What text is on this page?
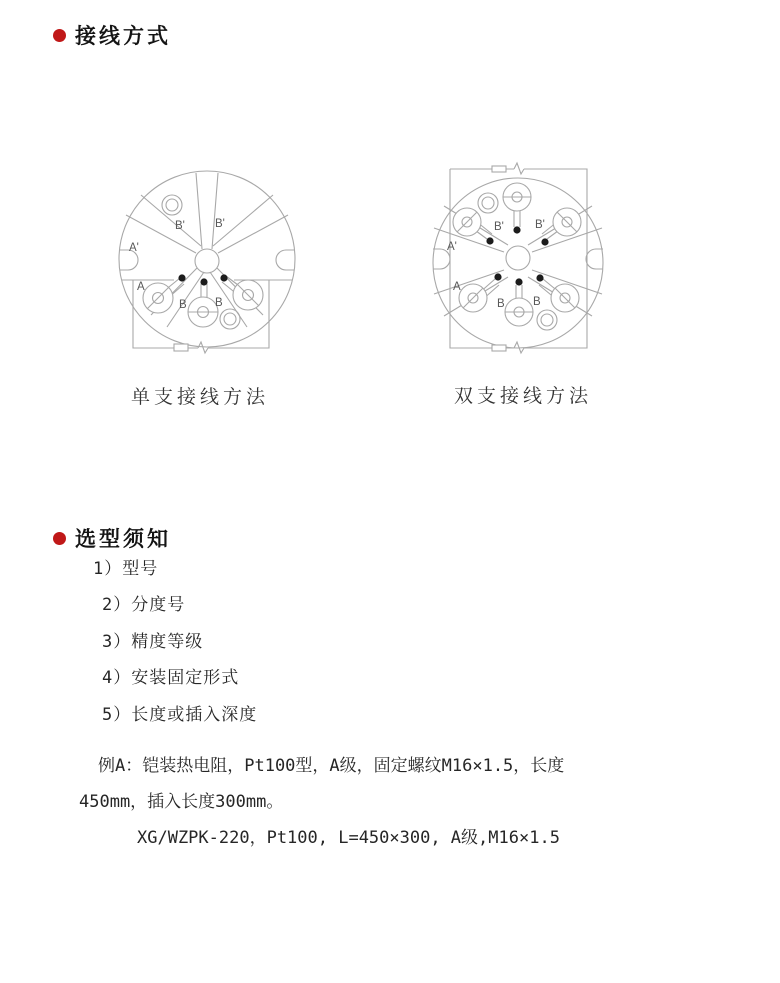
接线方式
A'
B'	B'
A
B B
A'
B'	B'
A
B B
单支接线方法	双支接线方法
选型须知
1）型号
2）分度号
3）精度等级
4）安装固定形式
5）长度或插入深度
例A：铠装热电阻，Pt100型，A级，固定螺纹M16×1.5，长度
450mm，插入长度300mm。
XG/WZPK-220，Pt100, L=450×300, A级,M16×1.5
